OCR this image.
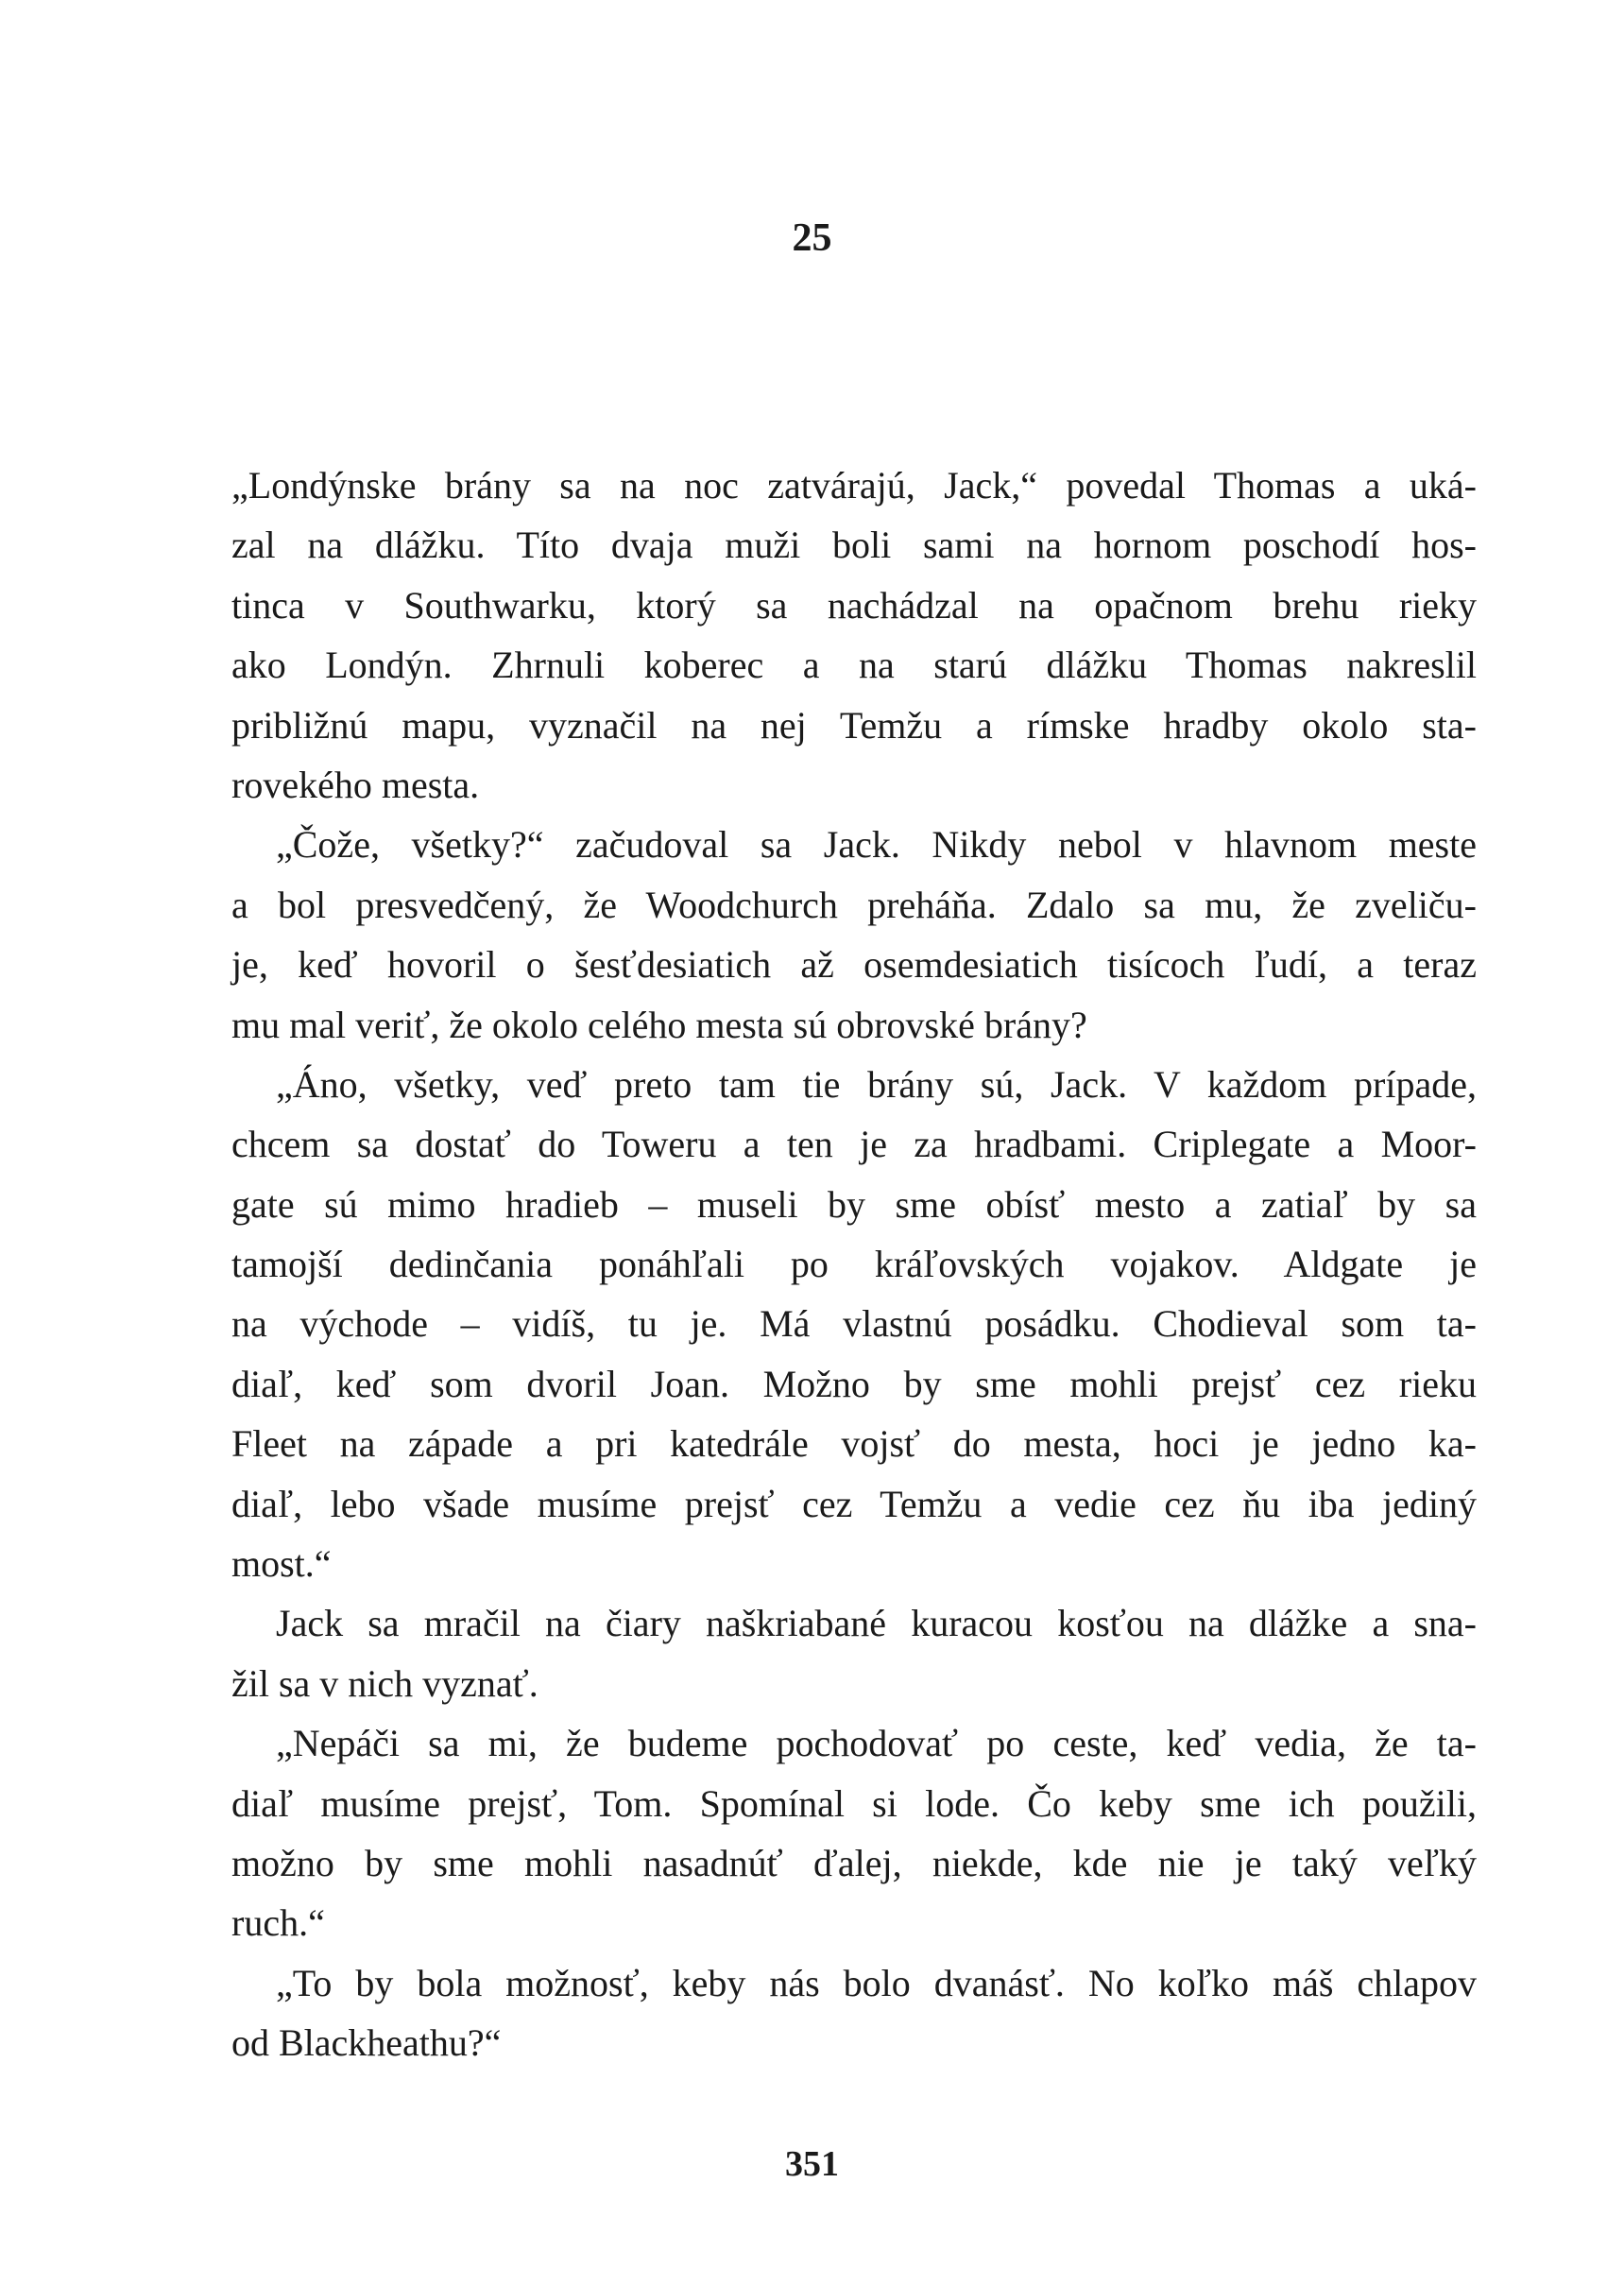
25
„Londýnske brány sa na noc zatvárajú, Jack,“ povedal Thomas a uká-
zal na dlážku. Títo dvaja muži boli sami na hornom poschodí hos-
tinca v Southwarku, ktorý sa nachádzal na opačnom brehu rieky
ako Londýn. Zhrnuli koberec a na starú dlážku Thomas nakreslil
približnú mapu, vyznačil na nej Temžu a rímske hradby okolo sta-
rovekého mesta.
„Čože, všetky?“ začudoval sa Jack. Nikdy nebol v hlavnom meste
a bol presvedčený, že Woodchurch preháňa. Zdalo sa mu, že zveliču-
je, keď hovoril o šesťdesiatich až osemdesiatich tisícoch ľudí, a teraz
mu mal veriť, že okolo celého mesta sú obrovské brány?
„Áno, všetky, veď preto tam tie brány sú, Jack. V každom prípade,
chcem sa dostať do Toweru a ten je za hradbami. Criplegate a Moor-
gate sú mimo hradieb – museli by sme obísť mesto a zatiaľ by sa
tamojší dedinčania ponáhľali po kráľovských vojakov. Aldgate je
na východe – vidíš, tu je. Má vlastnú posádku. Chodieval som ta-
diaľ, keď som dvoril Joan. Možno by sme mohli prejsť cez rieku
Fleet na západe a pri katedrále vojsť do mesta, hoci je jedno ka-
diaľ, lebo všade musíme prejsť cez Temžu a vedie cez ňu iba jediný
most.“
Jack sa mračil na čiary naškriabané kuracou kosťou na dlážke a sna-
žil sa v nich vyznať.
„Nepáči sa mi, že budeme pochodovať po ceste, keď vedia, že ta-
diaľ musíme prejsť, Tom. Spomínal si lode. Čo keby sme ich použili,
možno by sme mohli nasadnúť ďalej, niekde, kde nie je taký veľký
ruch.“
„To by bola možnosť, keby nás bolo dvanásť. No koľko máš chlapov
od Blackheathu?“
351
